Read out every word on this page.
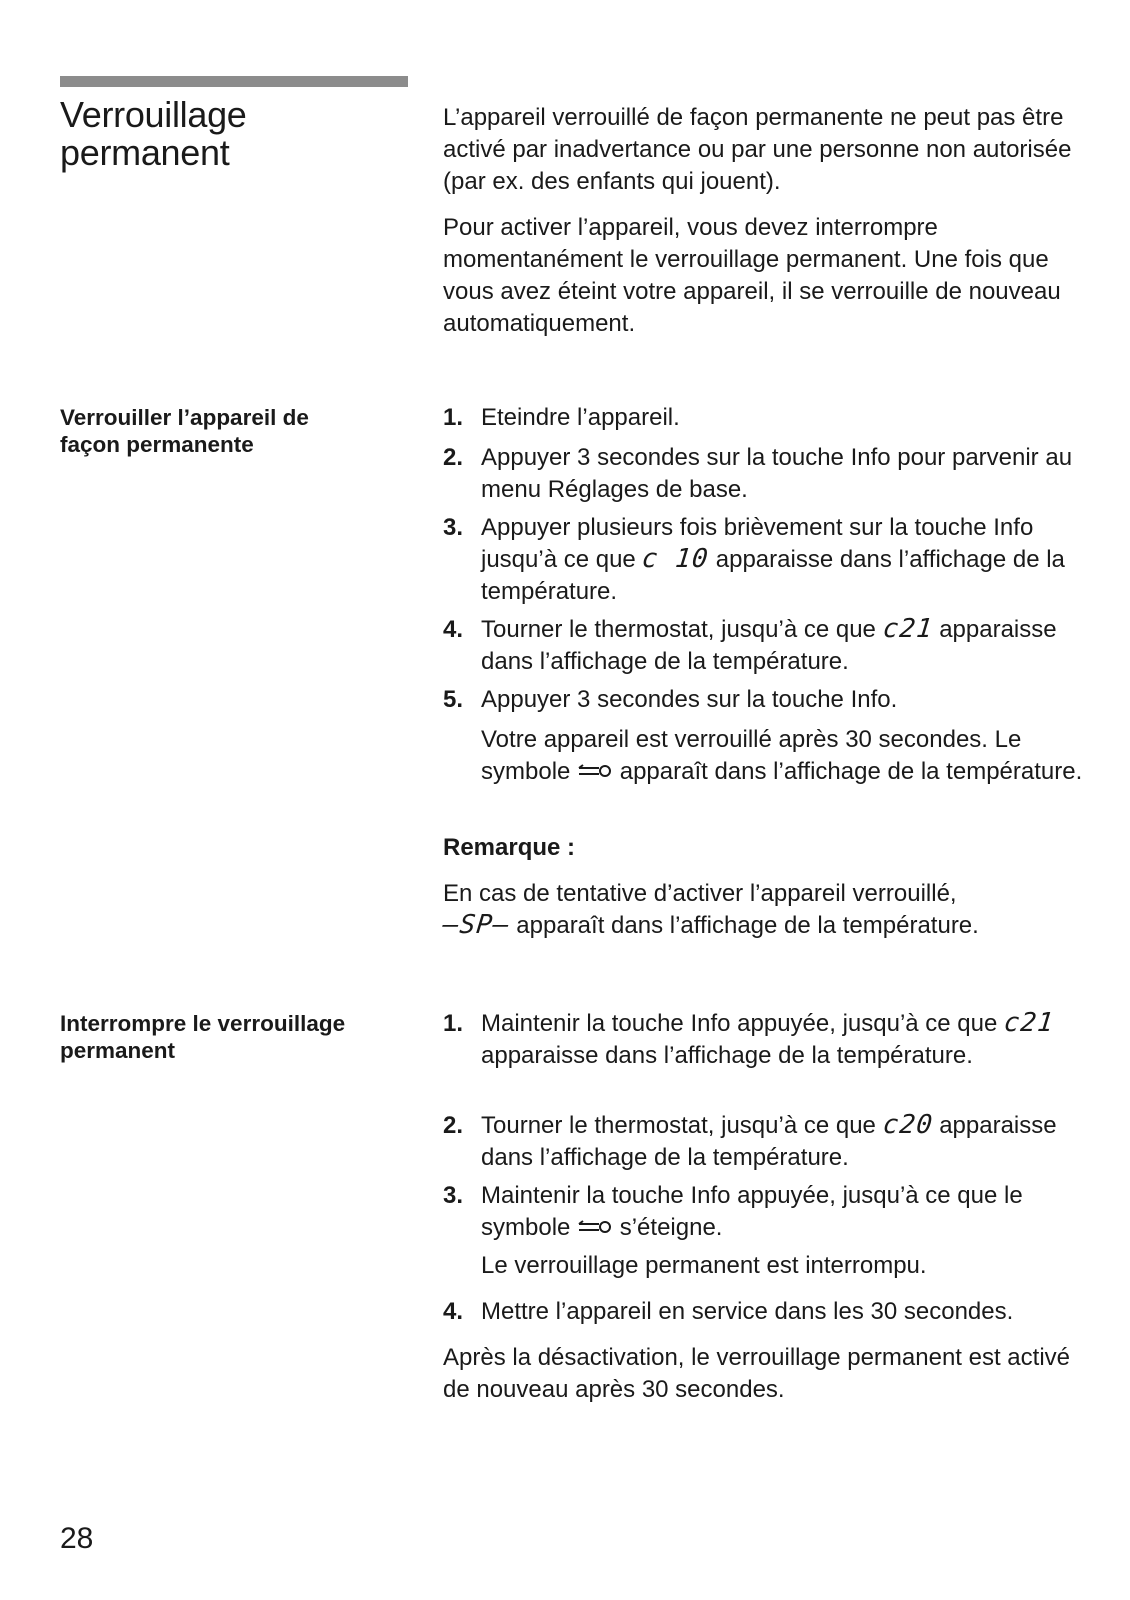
Verrouillage
permanent

L’appareil verrouillé de façon permanente ne peut pas être activé par inadvertance ou par une personne non autorisée (par ex. des enfants qui jouent).

Pour activer l’appareil, vous devez interrompre momentanément le verrouillage permanent. Une fois que vous avez éteint votre appareil, il se verrouille de nouveau automatiquement.

Verrouiller l’appareil de
façon permanente
1. Eteindre l’appareil.
2. Appuyer 3 secondes sur la touche Info pour parvenir au menu Réglages de base.
3. Appuyer plusieurs fois brièvement sur la touche Info jusqu’à ce que c 10 apparaisse dans l’affichage de la température.
4. Tourner le thermostat, jusqu’à ce que c21 apparaisse dans l’affichage de la température.
5. Appuyer 3 secondes sur la touche Info.
Votre appareil est verrouillé après 30 secondes. Le symbole apparaît dans l’affichage de la température.
Remarque :

En cas de tentative d’activer l’appareil verrouillé,

–SP– apparaît dans l’affichage de la température.

Interrompre le verrouillage
permanent
1. Maintenir la touche Info appuyée, jusqu’à ce que c21 apparaisse dans l’affichage de la température.
2. Tourner le thermostat, jusqu’à ce que c20 apparaisse dans l’affichage de la température.
3. Maintenir la touche Info appuyée, jusqu’à ce que le symbole s’éteigne.
Le verrouillage permanent est interrompu.
4. Mettre l’appareil en service dans les 30 secondes.

Après la désactivation, le verrouillage permanent est activé de nouveau après 30 secondes.

28
